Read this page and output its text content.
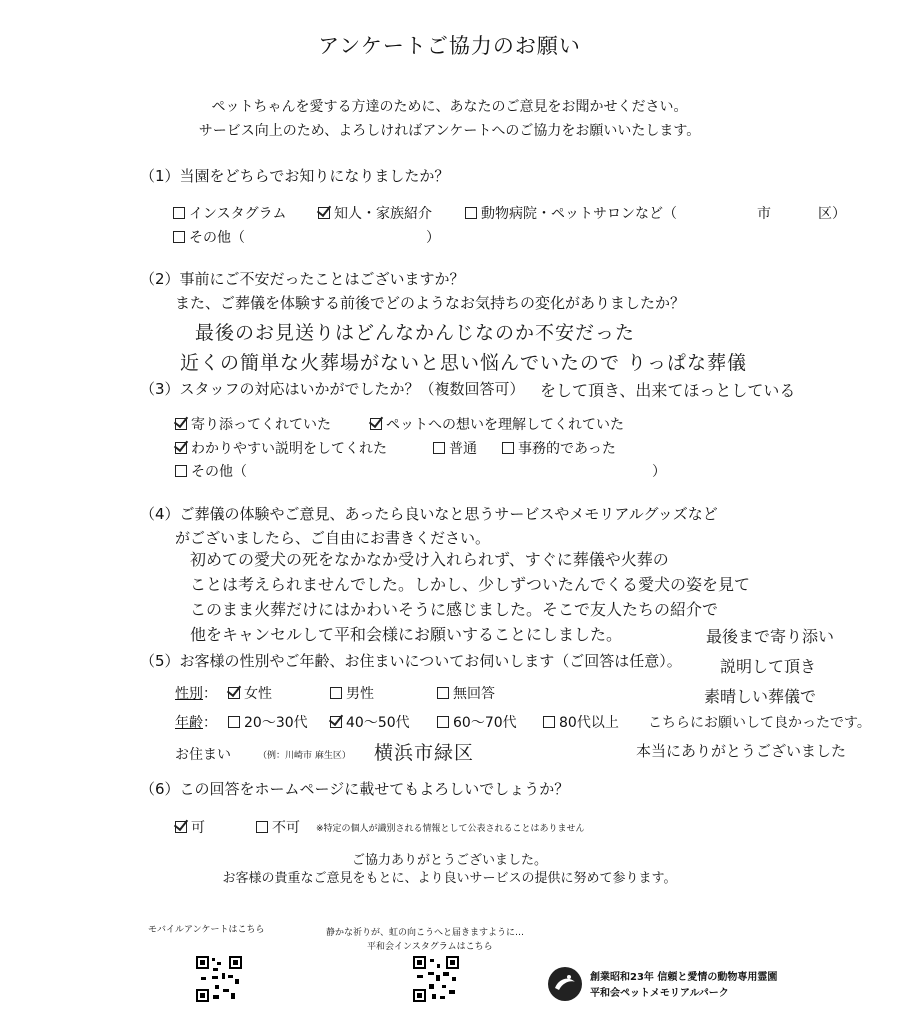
アンケートご協力のお願い
ペットちゃんを愛する方達のために、あなたのご意見をお聞かせください。
サービス向上のため、よろしければアンケートへのご協力をお願いいたします。
（1）当園をどちらでお知りになりましたか？
インスタグラム	知人・家族紹介	動物病院・ペットサロンなど（	市	区）
その他（	）
（2）事前にご不安だったことはございますか？
また、ご葬儀を体験する前後でどのようなお気持ちの変化がありましたか？
最後のお見送りはどんなかんじなのか不安だった
近くの簡単な火葬場がないと思い悩んでいたので りっぱな葬儀
をして頂き、出来てほっとしている
（3）スタッフの対応はいかがでしたか？（複数回答可）
寄り添ってくれていた	ペットへの想いを理解してくれていた
わかりやすい説明をしてくれた	普通	事務的であった
その他（	）
（4）ご葬儀の体験やご意見、あったら良いなと思うサービスやメモリアルグッズなど
がございましたら、ご自由にお書きください。
初めての愛犬の死をなかなか受け入れられず、すぐに葬儀や火葬の
ことは考えられませんでした。しかし、少しずついたんでくる愛犬の姿を見て
このまま火葬だけにはかわいそうに感じました。そこで友人たちの紹介で
他をキャンセルして平和会様にお願いすることにしました。	最後まで寄り添い
説明して頂き
素晴しい葬儀で
こちらにお願いして良かったです。
本当にありがとうございました
（5）お客様の性別やご年齢、お住まいについてお伺いします（ご回答は任意）。
性別：	女性	男性	無回答
年齢：	20～30代	40～50代	60～70代	80代以上
お住まい	（例：川崎市 麻生区） 横浜市緑区
（6）この回答をホームページに載せてもよろしいでしょうか？
可	不可 ※特定の個人が識別される情報として公表されることはありません
ご協力ありがとうございました。
お客様の貴重なご意見をもとに、より良いサービスの提供に努めて参ります。
モバイルアンケートはこちら	静かな祈りが、虹の向こうへと届きますように…
平和会インスタグラムはこちら
創業昭和23年 信頼と愛情の動物専用霊園
平和会ペットメモリアルパーク
